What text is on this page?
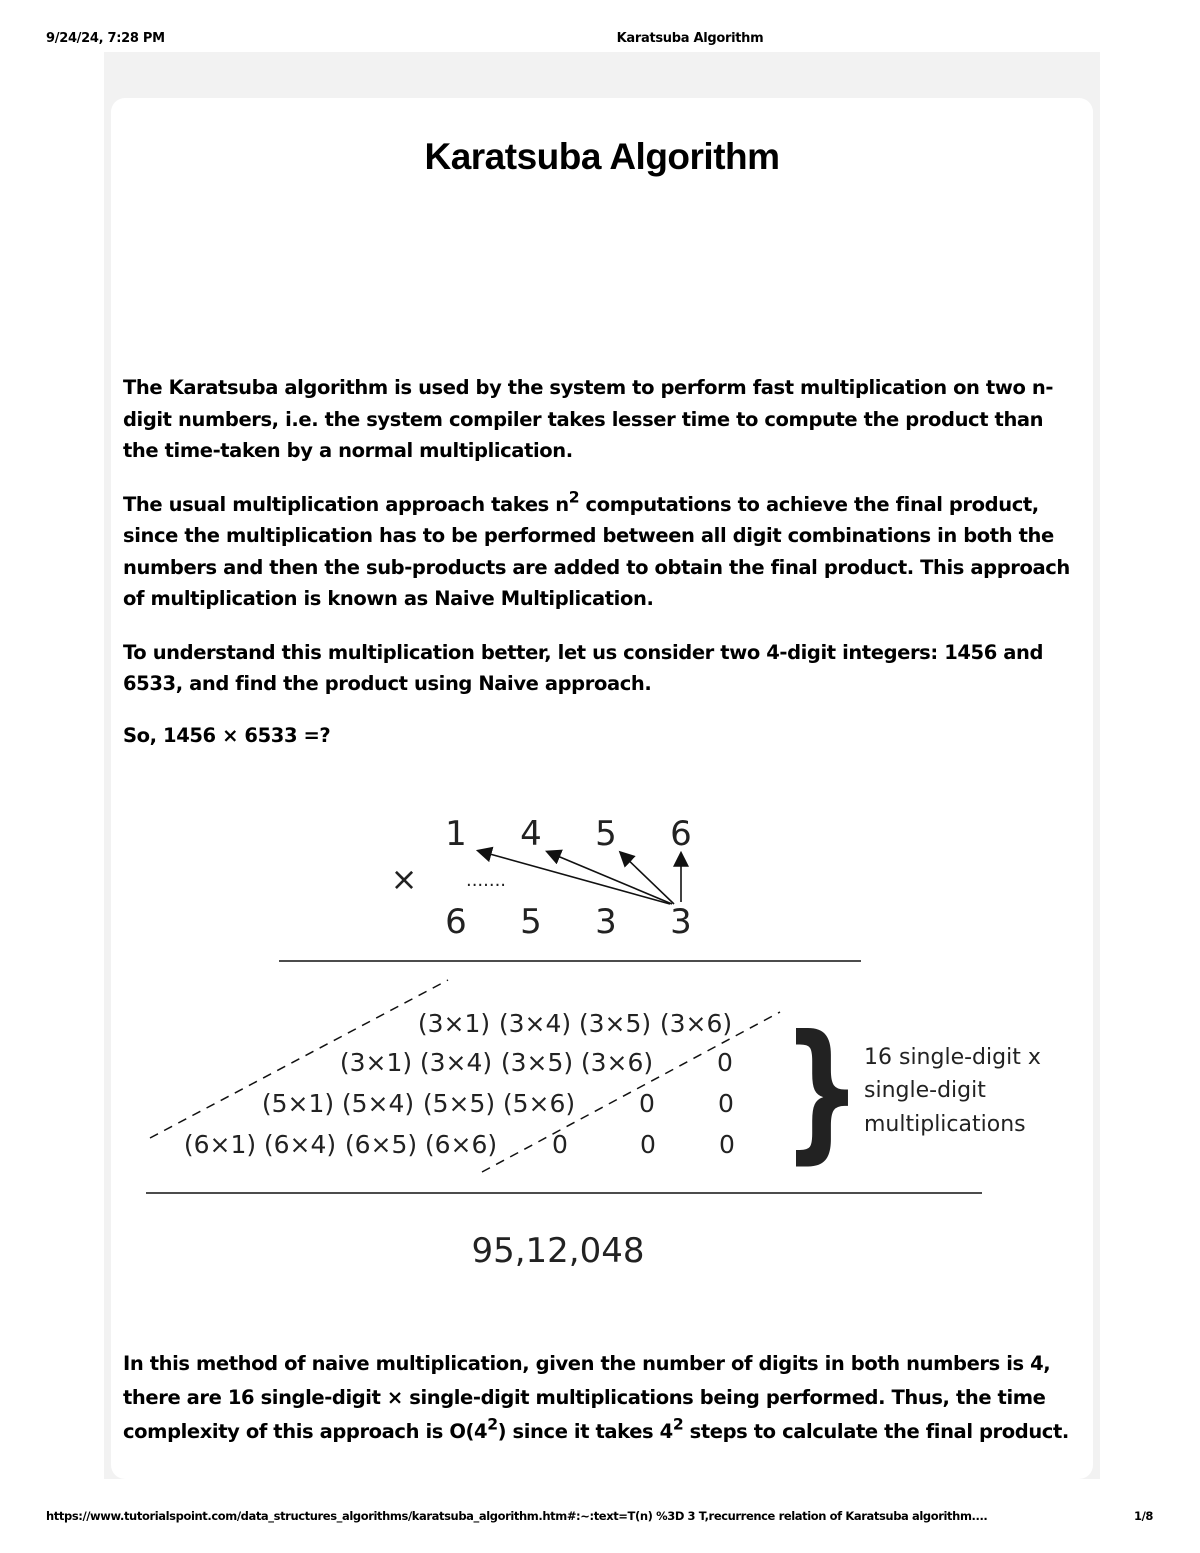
9/24/24, 7:28 PM	Karatsuba Algorithm
Karatsuba Algorithm

The Karatsuba algorithm is used by the system to perform fast multiplication on two n-digit numbers, i.e. the system compiler takes lesser time to compute the product than the time-taken by a normal multiplication.

The usual multiplication approach takes $n^2$ computations to achieve the final product, since the multiplication has to be performed between all digit combinations in both the numbers and then the sub-products are added to obtain the final product. This approach of multiplication is known as Naive Multiplication.

To understand this multiplication better, let us consider two 4-digit integers: 1456 and 6533, and find the product using Naive approach.

So, 1456 × 6533 =?

1 4 5 6
×	.......
6 5 3 3
(3×1) (3×4) (3×5) (3×6)
(3×1) (3×4) (3×5) (3×6)	0
(5×1) (5×4) (5×5) (5×6)	0	0
(6×1) (6×4) (6×5) (6×6) 0	0	0 } 16 single-digit x
single-digit
multiplications
95,12,048

In this method of naive multiplication, given the number of digits in both numbers is 4, there are 16 single-digit × single-digit multiplications being performed. Thus, the time complexity of this approach is $O(4^2)$ since it takes $4^2$ steps to calculate the final product.

https://www.tutorialspoint.com/data_structures_algorithms/karatsuba_algorithm.htm#:~:text=T(n) %3D 3 T,recurrence relation of Karatsuba algorithm....	1/8
